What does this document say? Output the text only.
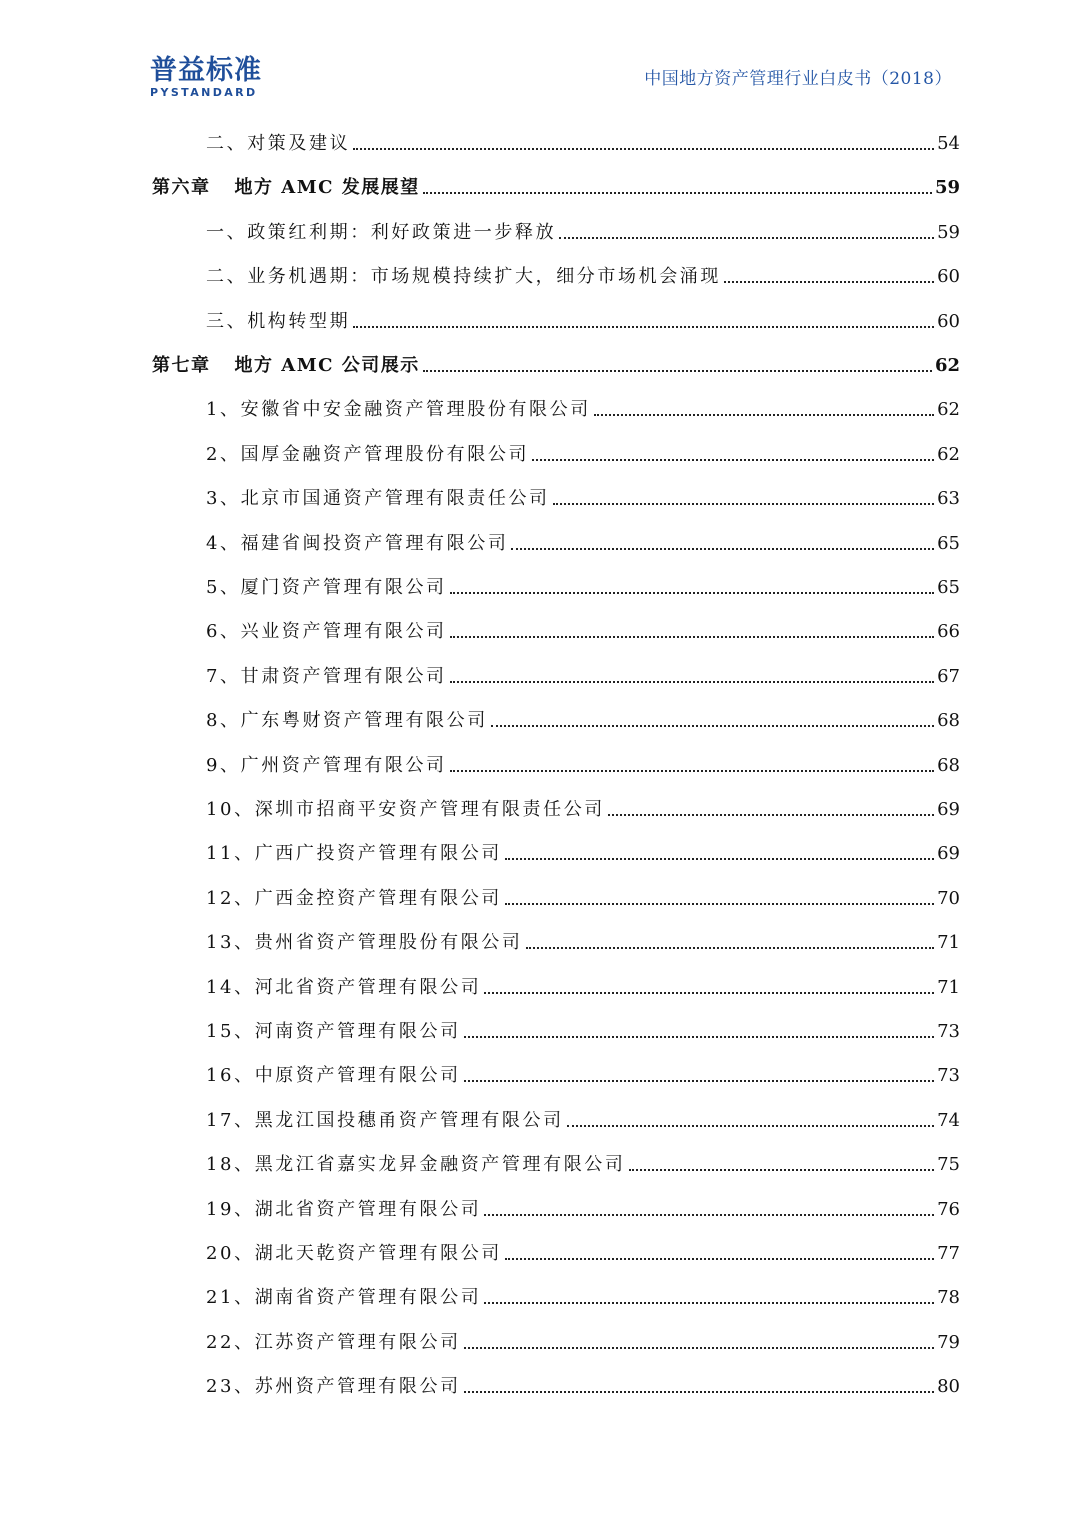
普益标准
PYSTANDARD
中国地方资产管理行业白皮书（2018）
二、对策及建议	54
第六章 地方 AMC 发展展望	59
一、政策红利期：利好政策进一步释放	59
二、业务机遇期：市场规模持续扩大，细分市场机会涌现	60
三、机构转型期	60
第七章 地方 AMC 公司展示	62
1、安徽省中安金融资产管理股份有限公司	62
2、国厚金融资产管理股份有限公司	62
3、北京市国通资产管理有限责任公司	63
4、福建省闽投资产管理有限公司	65
5、厦门资产管理有限公司	65
6、兴业资产管理有限公司	66
7、甘肃资产管理有限公司	67
8、广东粤财资产管理有限公司	68
9、广州资产管理有限公司	68
10、深圳市招商平安资产管理有限责任公司	69
11、广西广投资产管理有限公司	69
12、广西金控资产管理有限公司	70
13、贵州省资产管理股份有限公司	71
14、河北省资产管理有限公司	71
15、河南资产管理有限公司	73
16、中原资产管理有限公司	73
17、黑龙江国投穗甬资产管理有限公司	74
18、黑龙江省嘉实龙昇金融资产管理有限公司	75
19、湖北省资产管理有限公司	76
20、湖北天乾资产管理有限公司	77
21、湖南省资产管理有限公司	78
22、江苏资产管理有限公司	79
23、苏州资产管理有限公司	80
